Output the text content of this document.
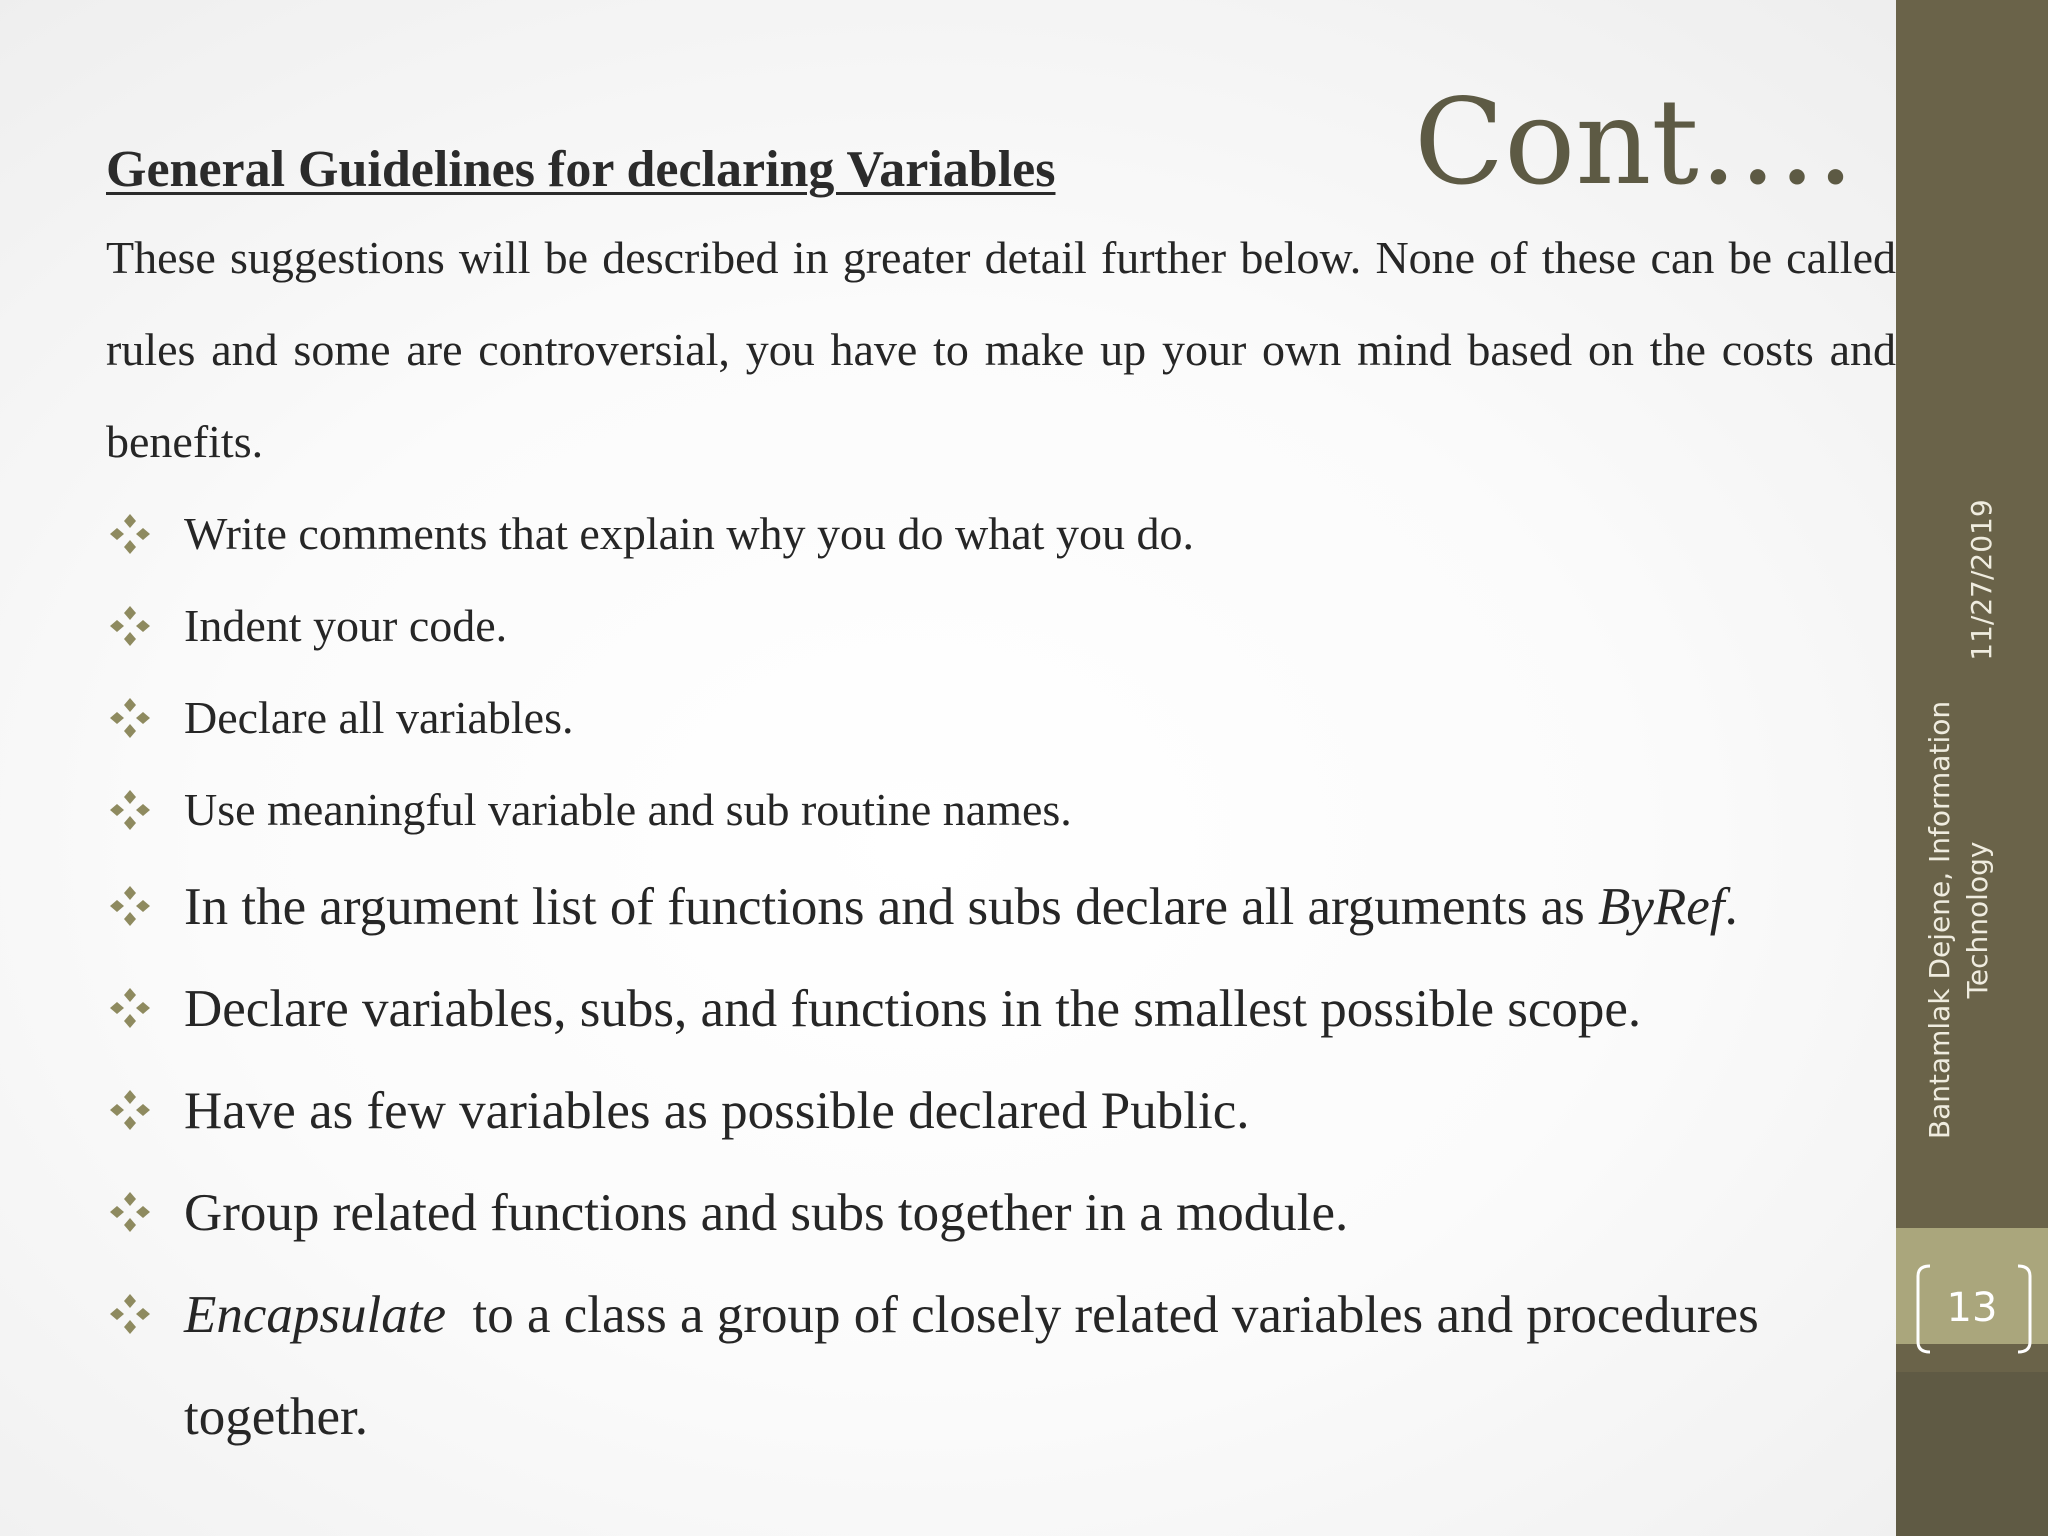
Cont….
13
11/27/2019
Bantamlak Dejene, Information Technology
General Guidelines for declaring Variables

These suggestions will be described in greater detail further below. None of these can be called rules and some are controversial, you have to make up your own mind based on the costs and benefits.

Write comments that explain why you do what you do.
Indent your code.
Declare all variables.
Use meaningful variable and sub routine names.
In the argument list of functions and subs declare all arguments as ByRef.
Declare variables, subs, and functions in the smallest possible scope.
Have as few variables as possible declared Public.
Group related functions and subs together in a module.
Encapsulate  to a class a group of closely related variables and procedures together.
